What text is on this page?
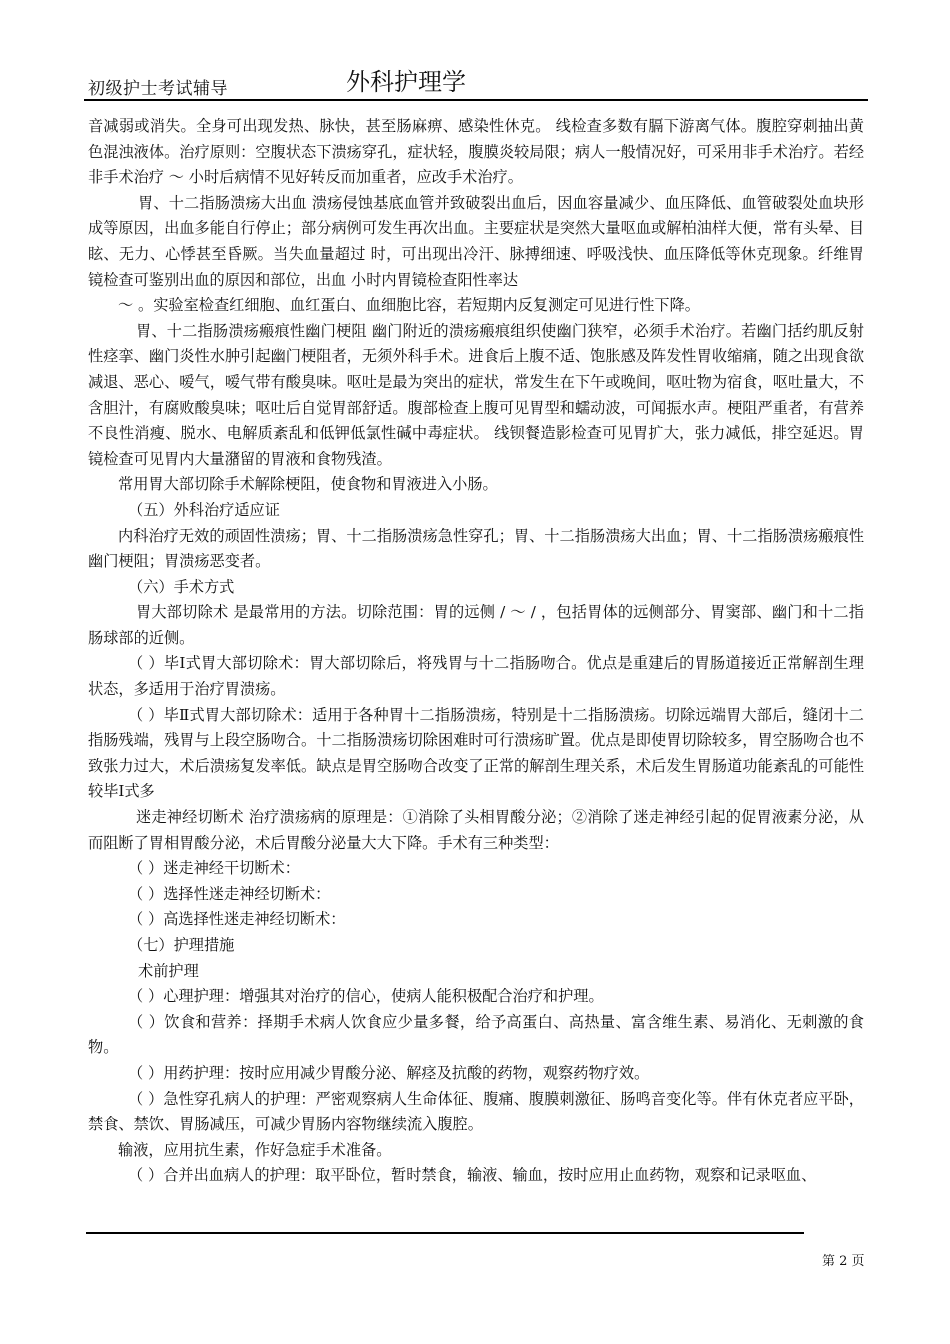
初级护士考试辅导	外科护理学

音减弱或消失。全身可出现发热、脉快，甚至肠麻痹、感染性休克。 线检查多数有膈下游离气体。腹腔穿刺抽出黄色混浊液体。治疗原则：空腹状态下溃疡穿孔，症状轻，腹膜炎较局限；病人一般情况好，可采用非手术治疗。若经非手术治疗 ～ 小时后病情不见好转反而加重者，应改手术治疗。

胃、十二指肠溃疡大出血 溃疡侵蚀基底血管并致破裂出血后，因血容量减少、血压降低、血管破裂处血块形成等原因，出血多能自行停止；部分病例可发生再次出血。主要症状是突然大量呕血或解柏油样大便，常有头晕、目眩、无力、心悸甚至昏厥。当失血量超过 时，可出现出冷汗、脉搏细速、呼吸浅快、血压降低等休克现象。纤维胃镜检查可鉴别出血的原因和部位，出血 小时内胃镜检查阳性率达

～ 。实验室检查红细胞、血红蛋白、血细胞比容，若短期内反复测定可见进行性下降。

胃、十二指肠溃疡瘢痕性幽门梗阻 幽门附近的溃疡瘢痕组织使幽门狭窄，必须手术治疗。若幽门括约肌反射性痉挛、幽门炎性水肿引起幽门梗阻者，无须外科手术。进食后上腹不适、饱胀感及阵发性胃收缩痛，随之出现食欲减退、恶心、嗳气，嗳气带有酸臭味。呕吐是最为突出的症状，常发生在下午或晚间，呕吐物为宿食，呕吐量大，不含胆汁，有腐败酸臭味；呕吐后自觉胃部舒适。腹部检查上腹可见胃型和蠕动波，可闻振水声。梗阻严重者，有营养不良性消瘦、脱水、电解质紊乱和低钾低氯性碱中毒症状。 线钡餐造影检查可见胃扩大，张力减低，排空延迟。胃镜检查可见胃内大量潴留的胃液和食物残渣。

常用胃大部切除手术解除梗阻，使食物和胃液进入小肠。

（五）外科治疗适应证

内科治疗无效的顽固性溃疡；胃、十二指肠溃疡急性穿孔；胃、十二指肠溃疡大出血；胃、十二指肠溃疡瘢痕性幽门梗阻；胃溃疡恶变者。

（六）手术方式

胃大部切除术 是最常用的方法。切除范围：胃的远侧 / ～ / ，包括胃体的远侧部分、胃窦部、幽门和十二指肠球部的近侧。

（ ）毕Ⅰ式胃大部切除术：胃大部切除后，将残胃与十二指肠吻合。优点是重建后的胃肠道接近正常解剖生理状态，多适用于治疗胃溃疡。

（ ）毕Ⅱ式胃大部切除术：适用于各种胃十二指肠溃疡，特别是十二指肠溃疡。切除远端胃大部后，缝闭十二指肠残端，残胃与上段空肠吻合。十二指肠溃疡切除困难时可行溃疡旷置。优点是即使胃切除较多，胃空肠吻合也不致张力过大，术后溃疡复发率低。缺点是胃空肠吻合改变了正常的解剖生理关系，术后发生胃肠道功能紊乱的可能性较毕Ⅰ式多

迷走神经切断术 治疗溃疡病的原理是：①消除了头相胃酸分泌；②消除了迷走神经引起的促胃液素分泌，从而阻断了胃相胃酸分泌，术后胃酸分泌量大大下降。手术有三种类型：

（ ）迷走神经干切断术：

（ ）选择性迷走神经切断术：

（ ）高选择性迷走神经切断术：

（七）护理措施

术前护理

（ ）心理护理：增强其对治疗的信心，使病人能积极配合治疗和护理。

（ ）饮食和营养：择期手术病人饮食应少量多餐，给予高蛋白、高热量、富含维生素、易消化、无刺激的食物。

（ ）用药护理：按时应用减少胃酸分泌、解痉及抗酸的药物，观察药物疗效。

（ ）急性穿孔病人的护理：严密观察病人生命体征、腹痛、腹膜刺激征、肠鸣音变化等。伴有休克者应平卧，禁食、禁饮、胃肠减压，可减少胃肠内容物继续流入腹腔。

输液，应用抗生素，作好急症手术准备。

（ ）合并出血病人的护理：取平卧位，暂时禁食，输液、输血，按时应用止血药物，观察和记录呕血、

第 2 页
